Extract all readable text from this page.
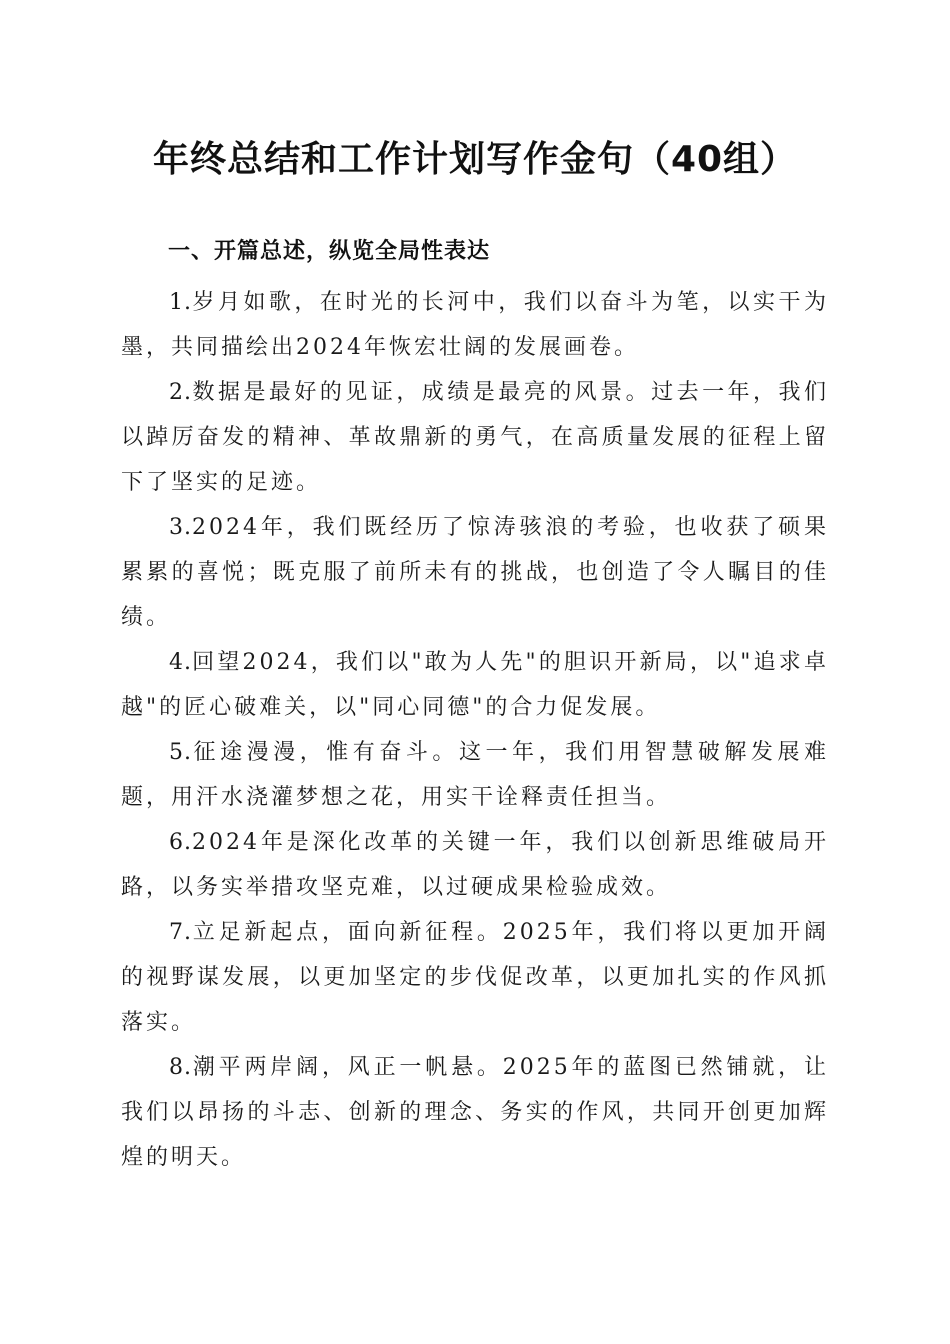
年终总结和工作计划写作金句（40组）
一、开篇总述，纵览全局性表达

1.岁月如歌，在时光的长河中，我们以奋斗为笔，以实干为墨，共同描绘出2024年恢宏壮阔的发展画卷。

2.数据是最好的见证，成绩是最亮的风景。过去一年，我们以踔厉奋发的精神、革故鼎新的勇气，在高质量发展的征程上留下了坚实的足迹。

3.2024年，我们既经历了惊涛骇浪的考验，也收获了硕果累累的喜悦；既克服了前所未有的挑战，也创造了令人瞩目的佳绩。

4.回望2024，我们以"敢为人先"的胆识开新局，以"追求卓越"的匠心破难关，以"同心同德"的合力促发展。

5.征途漫漫，惟有奋斗。这一年，我们用智慧破解发展难题，用汗水浇灌梦想之花，用实干诠释责任担当。

6.2024年是深化改革的关键一年，我们以创新思维破局开路，以务实举措攻坚克难，以过硬成果检验成效。

7.立足新起点，面向新征程。2025年，我们将以更加开阔的视野谋发展，以更加坚定的步伐促改革，以更加扎实的作风抓落实。

8.潮平两岸阔，风正一帆悬。2025年的蓝图已然铺就，让我们以昂扬的斗志、创新的理念、务实的作风，共同开创更加辉煌的明天。
